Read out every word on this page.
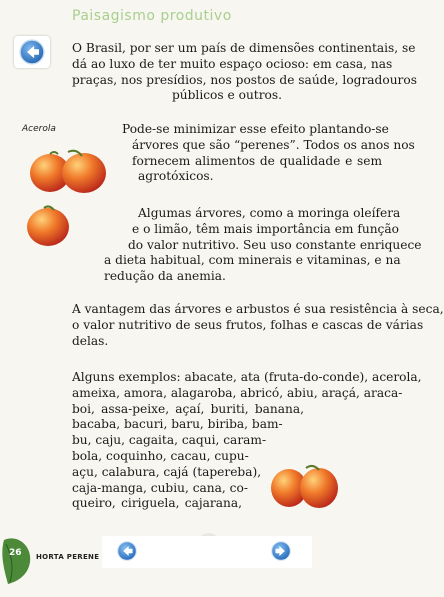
Paisagismo produtivo
O Brasil, por ser um país de dimensões continentais, se
dá ao luxo de ter muito espaço ocioso: em casa, nas
praças, nos presídios, nos postos de saúde, logradouros
públicos e outros.
Acerola	Pode-se minimizar esse efeito plantando-se
árvores que são “perenes”. Todos os anos nos
fornecem alimentos de qualidade e sem
agrotóxicos.
Algumas árvores, como a moringa oleífera
e o limão, têm mais importância em função
do valor nutritivo. Seu uso constante enriquece
a dieta habitual, com minerais e vitaminas, e na
redução da anemia.
A vantagem das árvores e arbustos é sua resistência à seca,
o valor nutritivo de seus frutos, folhas e cascas de várias
delas.
Alguns exemplos: abacate, ata (fruta-do-conde), acerola,
ameixa, amora, alagaroba, abricó, abiu, araçá, araca-
boi, assa-peixe, açaí, buriti, banana,
bacaba, bacuri, baru, biriba, bam-
bu, caju, cagaita, caqui, caram-
bola, coquinho, cacau, cupu-
açu, calabura, cajá (tapereba),
caja-manga, cubiu, cana, co-
queiro, ciriguela, cajarana,
26 HORTA PERENE
